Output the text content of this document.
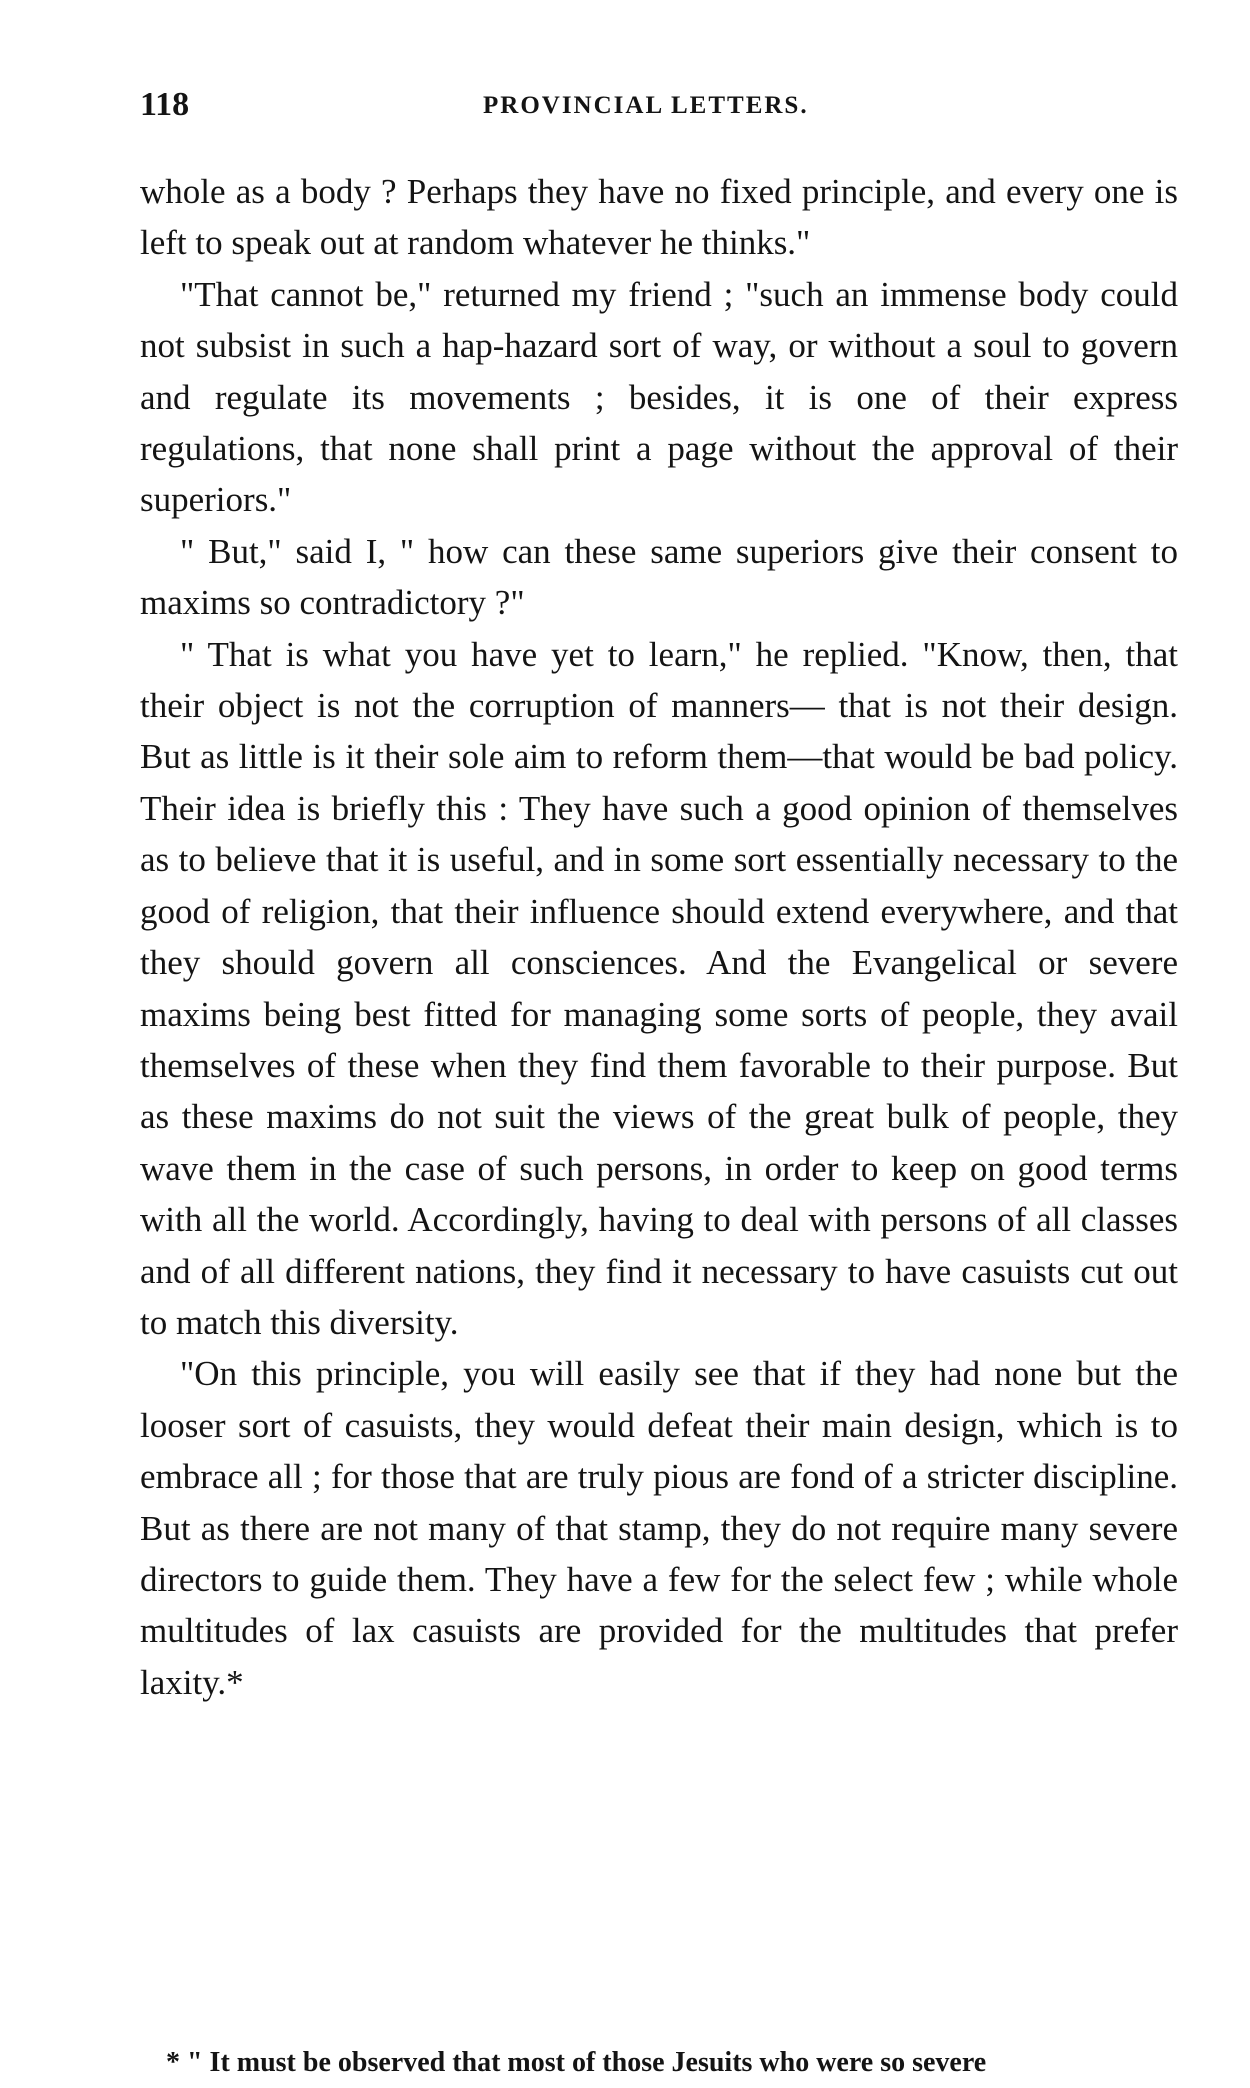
118	PROVINCIAL LETTERS.

whole as a body ? Perhaps they have no fixed principle, and every one is left to speak out at random whatever he thinks."

"That cannot be," returned my friend ; "such an immense body could not subsist in such a hap-hazard sort of way, or without a soul to govern and regulate its movements ; besides, it is one of their express regulations, that none shall print a page without the approval of their superiors."

" But," said I, " how can these same superiors give their consent to maxims so contradictory ?"

" That is what you have yet to learn," he replied. "Know, then, that their object is not the corruption of manners— that is not their design. But as little is it their sole aim to reform them—that would be bad policy. Their idea is briefly this : They have such a good opinion of themselves as to believe that it is useful, and in some sort essentially necessary to the good of religion, that their influence should extend everywhere, and that they should govern all consciences. And the Evangelical or severe maxims being best fitted for managing some sorts of people, they avail themselves of these when they find them favorable to their purpose. But as these maxims do not suit the views of the great bulk of people, they wave them in the case of such persons, in order to keep on good terms with all the world. Accordingly, having to deal with persons of all classes and of all different nations, they find it necessary to have casuists cut out to match this diversity.

"On this principle, you will easily see that if they had none but the looser sort of casuists, they would defeat their main design, which is to embrace all ; for those that are truly pious are fond of a stricter discipline. But as there are not many of that stamp, they do not require many severe directors to guide them. They have a few for the select few ; while whole multitudes of lax casuists are provided for the multitudes that prefer laxity.*

* " It must be observed that most of those Jesuits who were so severe
